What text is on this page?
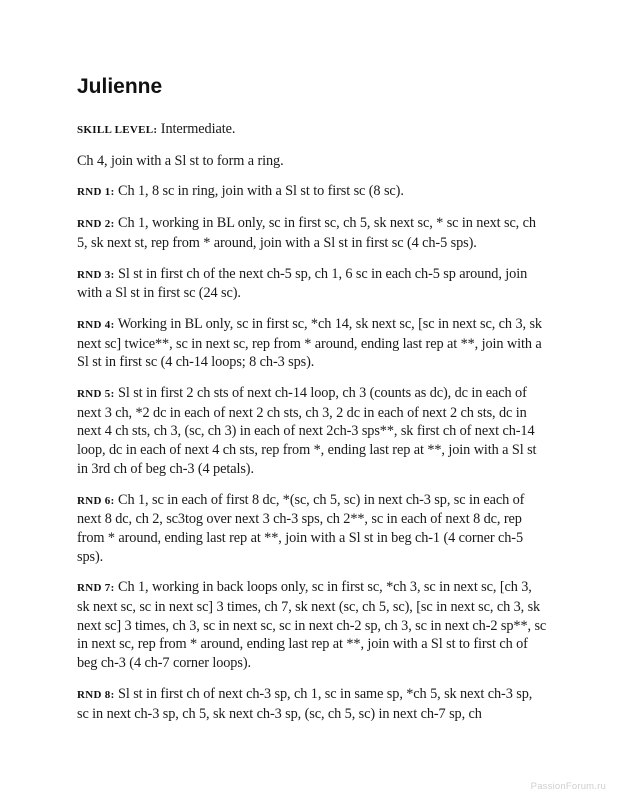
Julienne

SKILL LEVEL: Intermediate.

Ch 4, join with a Sl st to form a ring.

RND 1: Ch 1, 8 sc in ring, join with a Sl st to first sc (8 sc).

RND 2: Ch 1, working in BL only, sc in first sc, ch 5, sk next sc, * sc in next sc, ch 5, sk next st, rep from * around, join with a Sl st in first sc (4 ch-5 sps).

RND 3: Sl st in first ch of the next ch-5 sp, ch 1, 6 sc in each ch-5 sp around, join with a Sl st in first sc (24 sc).

RND 4: Working in BL only, sc in first sc, *ch 14, sk next sc, [sc in next sc, ch 3, sk next sc] twice**, sc in next sc, rep from * around, ending last rep at **, join with a Sl st in first sc (4 ch-14 loops; 8 ch-3 sps).

RND 5: Sl st in first 2 ch sts of next ch-14 loop, ch 3 (counts as dc), dc in each of next 3 ch, *2 dc in each of next 2 ch sts, ch 3, 2 dc in each of next 2 ch sts, dc in next 4 ch sts, ch 3, (sc, ch 3) in each of next 2ch-3 sps**, sk first ch of next ch-14 loop, dc in each of next 4 ch sts, rep from *, ending last rep at **, join with a Sl st in 3rd ch of beg ch-3 (4 petals).

RND 6: Ch 1, sc in each of first 8 dc, *(sc, ch 5, sc) in next ch-3 sp, sc in each of next 8 dc, ch 2, sc3tog over next 3 ch-3 sps, ch 2**, sc in each of next 8 dc, rep from * around, ending last rep at **, join with a Sl st in beg ch-1 (4 corner ch-5 sps).

RND 7: Ch 1, working in back loops only, sc in first sc, *ch 3, sc in next sc, [ch 3, sk next sc, sc in next sc] 3 times, ch 7, sk next (sc, ch 5, sc), [sc in next sc, ch 3, sk next sc] 3 times, ch 3, sc in next sc, sc in next ch-2 sp, ch 3, sc in next ch-2 sp**, sc in next sc, rep from * around, ending last rep at **, join with a Sl st to first ch of beg ch-3 (4 ch-7 corner loops).

RND 8: Sl st in first ch of next ch-3 sp, ch 1, sc in same sp, *ch 5, sk next ch-3 sp, sc in next ch-3 sp, ch 5, sk next ch-3 sp, (sc, ch 5, sc) in next ch-7 sp, ch

PassionForum.ru
